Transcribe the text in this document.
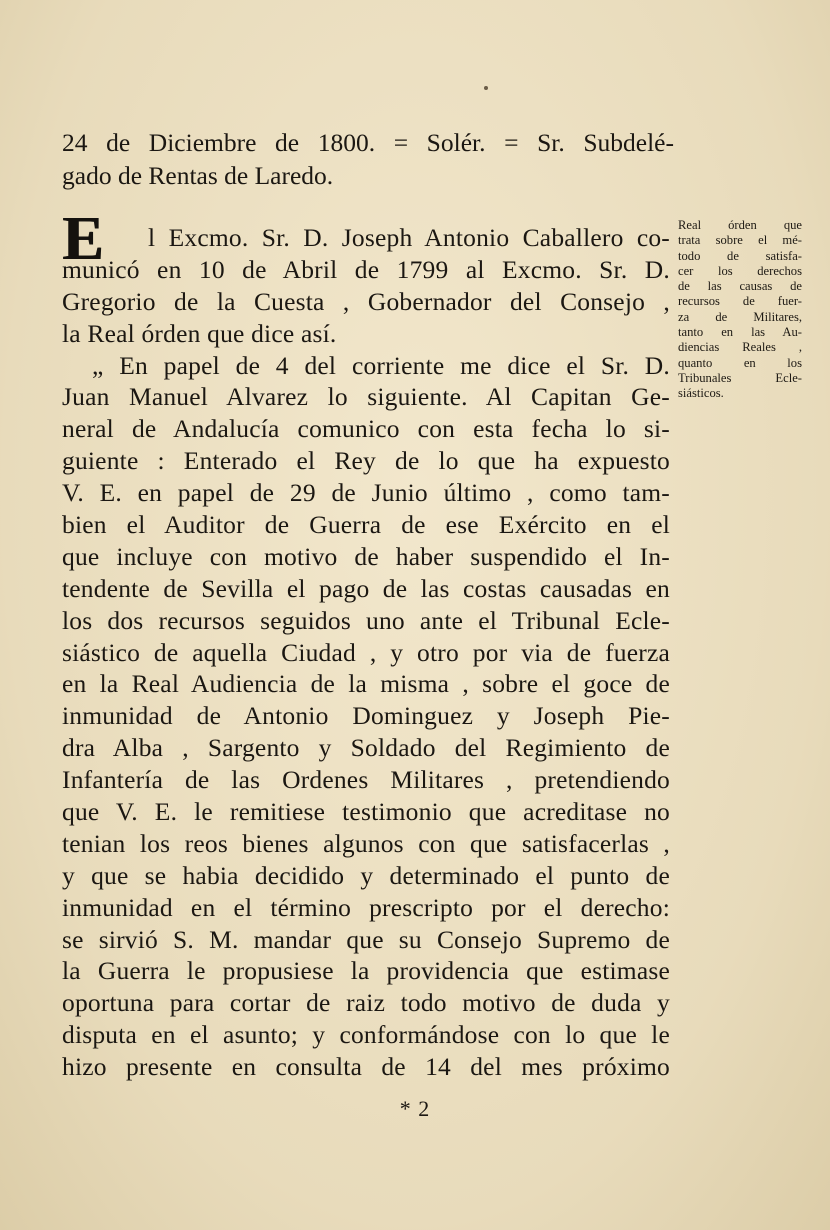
24 de Diciembre de 1800. = Solér. = Sr. Subdelé-
gado de Rentas de Laredo.
E	l Excmo. Sr. D. Joseph Antonio Caballero co-
municó en 10 de Abril de 1799 al Excmo. Sr. D.
Gregorio de la Cuesta , Gobernador del Consejo ,
la Real órden que dice así.
„ En papel de 4 del corriente me dice el Sr. D.
Juan Manuel Alvarez lo siguiente. Al Capitan Ge-
neral de Andalucía comunico con esta fecha lo si-
guiente : Enterado el Rey de lo que ha expuesto
V. E. en papel de 29 de Junio último , como tam-
bien el Auditor de Guerra de ese Exército en el
que incluye con motivo de haber suspendido el In-
tendente de Sevilla el pago de las costas causadas en
los dos recursos seguidos uno ante el Tribunal Ecle-
siástico de aquella Ciudad , y otro por via de fuerza
en la Real Audiencia de la misma , sobre el goce de
inmunidad de Antonio Dominguez y Joseph Pie-
dra Alba , Sargento y Soldado del Regimiento de
Infantería de las Ordenes Militares , pretendiendo
que V. E. le remitiese testimonio que acreditase no
tenian los reos bienes algunos con que satisfacerlas ,
y que se habia decidido y determinado el punto de
inmunidad en el término prescripto por el derecho:
se sirvió S. M. mandar que su Consejo Supremo de
la Guerra le propusiese la providencia que estimase
oportuna para cortar de raiz todo motivo de duda y
disputa en el asunto; y conformándose con lo que le
hizo presente en consulta de 14 del mes próximo
Real órden que
trata sobre el mé-
todo de satisfa-
cer los derechos
de las causas de
recursos de fuer-
za de Militares,
tanto en las Au-
diencias Reales ,
quanto en los
Tribunales Ecle-
siásticos.
* 2
